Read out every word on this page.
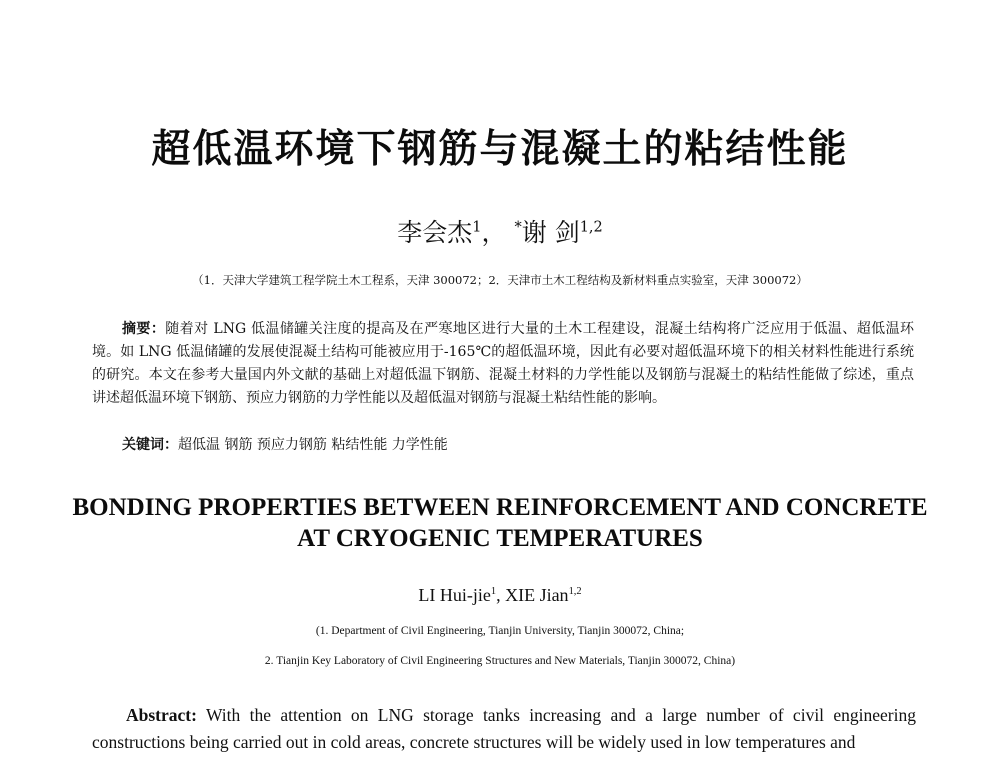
超低温环境下钢筋与混凝土的粘结性能
李会杰$^1$， *谢 剑$^{1,2}$
（1．天津大学建筑工程学院土木工程系，天津 300072；2．天津市土木工程结构及新材料重点实验室，天津 300072）
摘要：随着对 LNG 低温储罐关注度的提高及在严寒地区进行大量的土木工程建设，混凝土结构将广泛应用于低温、超低温环境。如 LNG 低温储罐的发展使混凝土结构可能被应用于-165℃的超低温环境，因此有必要对超低温环境下的相关材料性能进行系统的研究。本文在参考大量国内外文献的基础上对超低温下钢筋、混凝土材料的力学性能以及钢筋与混凝土的粘结性能做了综述，重点讲述超低温环境下钢筋、预应力钢筋的力学性能以及超低温对钢筋与混凝土粘结性能的影响。
关键词：超低温 钢筋 预应力钢筋 粘结性能 力学性能
BONDING PROPERTIES BETWEEN REINFORCEMENT AND CONCRETE
AT CRYOGENIC TEMPERATURES
LI Hui-jie$^1$, XIE Jian$^{1,2}$
(1. Department of Civil Engineering, Tianjin University, Tianjin 300072, China;
2. Tianjin Key Laboratory of Civil Engineering Structures and New Materials, Tianjin 300072, China)
Abstract: With the attention on LNG storage tanks increasing and a large number of civil engineering constructions being carried out in cold areas, concrete structures will be widely used in low temperatures and
